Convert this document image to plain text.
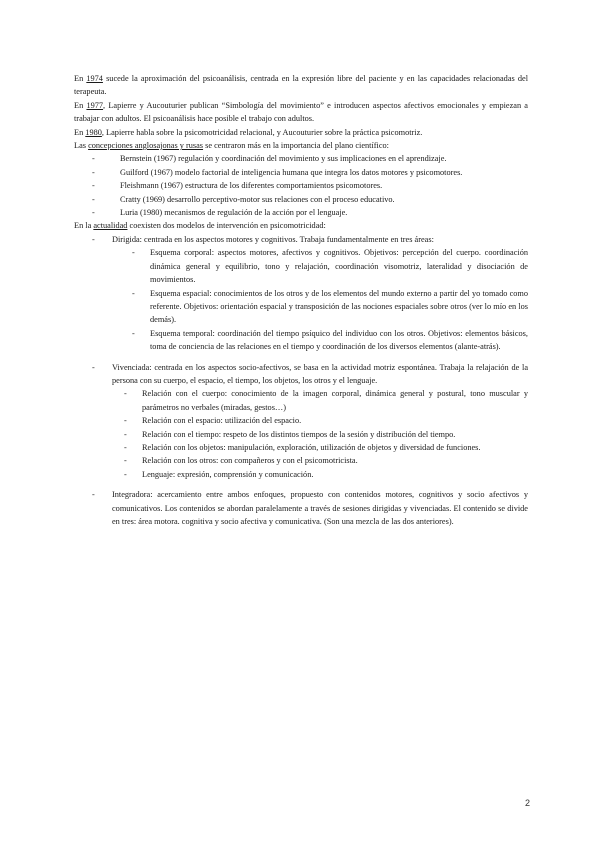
En 1974 sucede la aproximación del psicoanálisis, centrada en la expresión libre del paciente y en las capacidades relacionadas del terapeuta.

En 1977, Lapierre y Aucouturier publican “Simbología del movimiento” e introducen aspectos afectivos emocionales y empiezan a trabajar con adultos. El psicoanálisis hace posible el trabajo con adultos.

En 1980, Lapierre habla sobre la psicomotricidad relacional, y Aucouturier sobre la práctica psicomotriz.

Las concepciones anglosajonas y rusas se centraron más en la importancia del plano científico:

- Bernstein (1967) regulación y coordinación del movimiento y sus implicaciones en el aprendizaje.
- Guilford (1967) modelo factorial de inteligencia humana que integra los datos motores y psicomotores.
- Fleishmann (1967) estructura de los diferentes comportamientos psicomotores.
- Cratty (1969) desarrollo perceptivo-motor sus relaciones con el proceso educativo.
- Luria (1980) mecanismos de regulación de la acción por el lenguaje.

En la actualidad coexisten dos modelos de intervención en psicomotricidad:

- Dirigida: centrada en los aspectos motores y cognitivos. Trabaja fundamentalmente en tres áreas:
- Esquema corporal: aspectos motores, afectivos y cognitivos. Objetivos: percepción del cuerpo. coordinación dinámica general y equilibrio, tono y relajación, coordinación visomotriz, lateralidad y disociación de movimientos.
- Esquema espacial: conocimientos de los otros y de los elementos del mundo externo a partir del yo tomado como referente. Objetivos: orientación espacial y transposición de las nociones espaciales sobre otros (ver lo mío en los demás).
- Esquema temporal: coordinación del tiempo psíquico del individuo con los otros. Objetivos: elementos básicos, toma de conciencia de las relaciones en el tiempo y coordinación de los diversos elementos (alante-atrás).
- Vivenciada: centrada en los aspectos socio-afectivos, se basa en la actividad motriz espontánea. Trabaja la relajación de la persona con su cuerpo, el espacio, el tiempo, los objetos, los otros y el lenguaje.
- Relación con el cuerpo: conocimiento de la imagen corporal, dinámica general y postural, tono muscular y parámetros no verbales (miradas, gestos…)
- Relación con el espacio: utilización del espacio.
- Relación con el tiempo: respeto de los distintos tiempos de la sesión y distribución del tiempo.
- Relación con los objetos: manipulación, exploración, utilización de objetos y diversidad de funciones.
- Relación con los otros: con compañeros y con el psicomotricista.
- Lenguaje: expresión, comprensión y comunicación.
- Integradora: acercamiento entre ambos enfoques, propuesto con contenidos motores, cognitivos y socio afectivos y comunicativos. Los contenidos se abordan paralelamente a través de sesiones dirigidas y vivenciadas. El contenido se divide en tres: área motora. cognitiva y socio afectiva y comunicativa. (Son una mezcla de las dos anteriores).
2
